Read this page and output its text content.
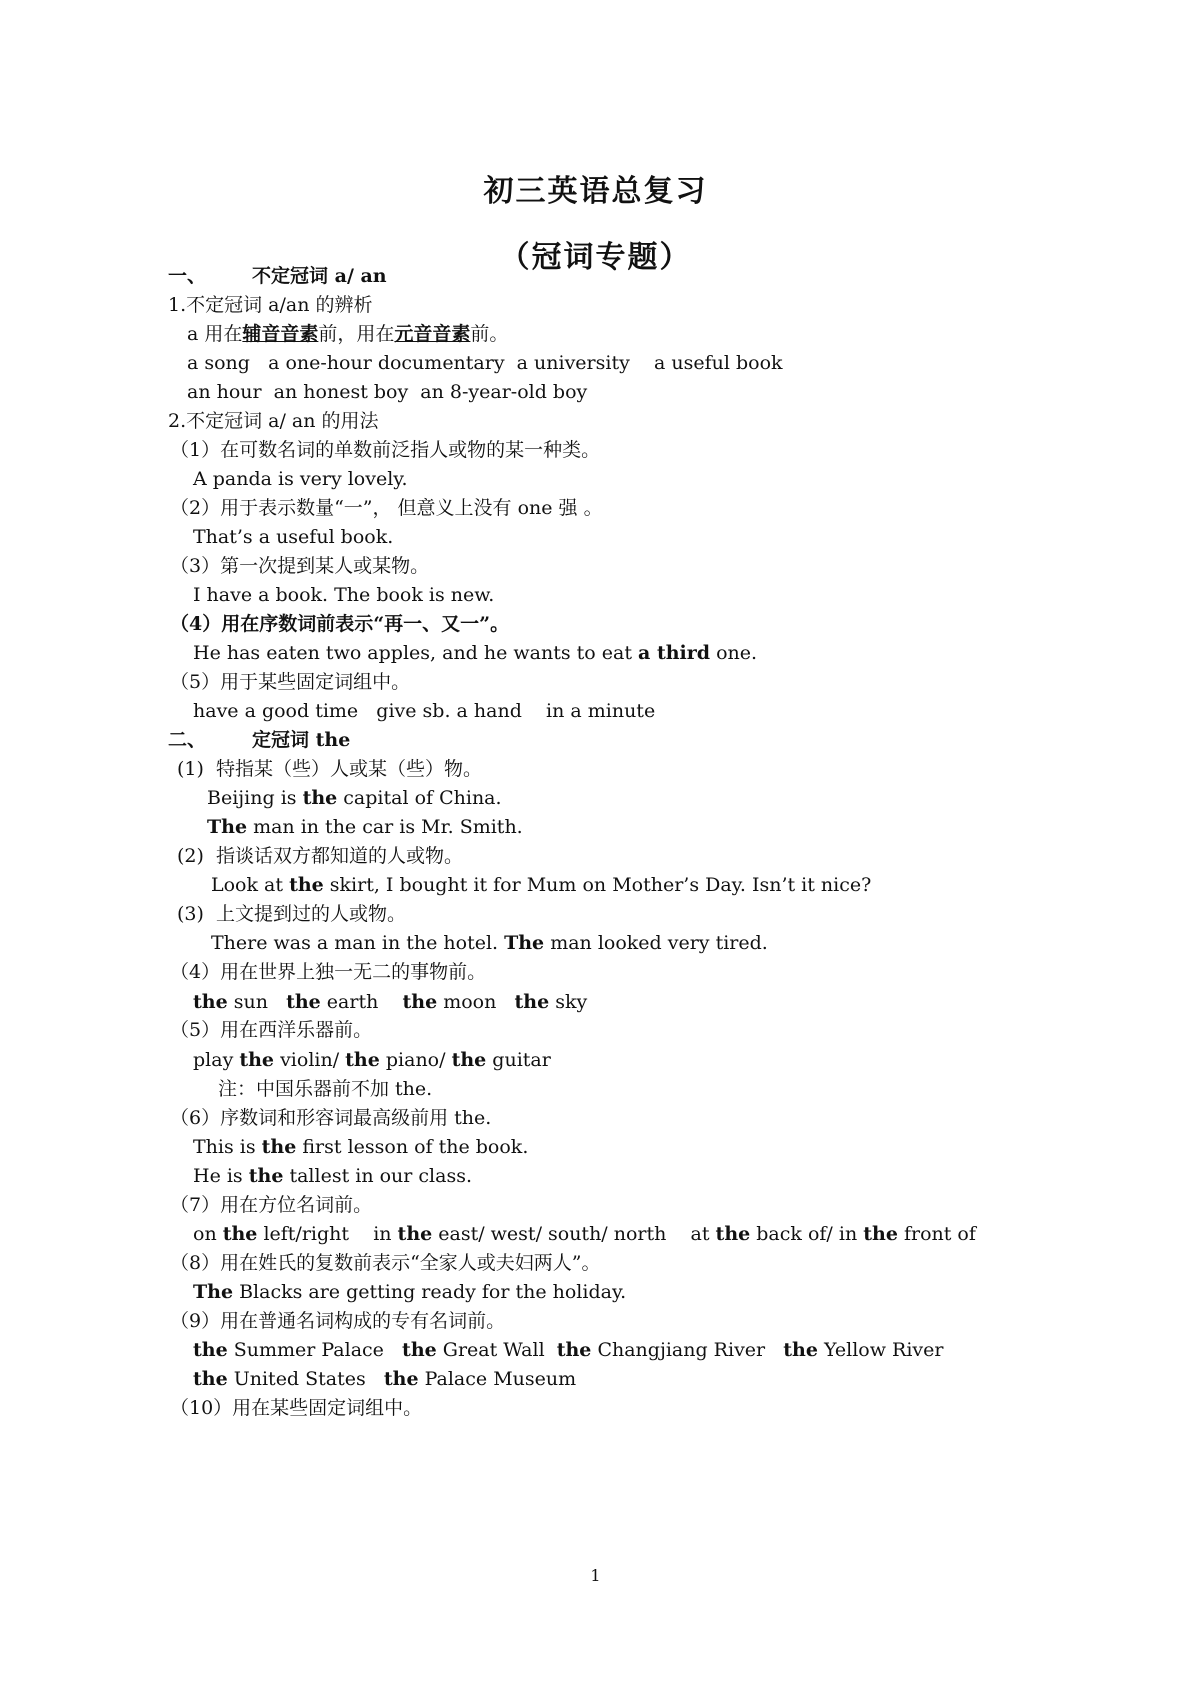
初三英语总复习
（冠词专题）
一、 不定冠词 a/ an
1.不定冠词 a/an 的辨析
a 用在辅音音素前，用在元音音素前。
a song   a one-hour documentary  a university    a useful book
an hour  an honest boy  an 8-year-old boy
2.不定冠词 a/ an 的用法
（1）在可数名词的单数前泛指人或物的某一种类。
A panda is very lovely.
（2）用于表示数量“一”， 但意义上没有 one 强 。
That’s a useful book.
（3）第一次提到某人或某物。
I have a book. The book is new.
（4）用在序数词前表示“再一、又一”。
He has eaten two apples, and he wants to eat a third one.
（5）用于某些固定词组中。
have a good time   give sb. a hand    in a minute
二、 定冠词 the
(1)  特指某（些）人或某（些）物。
Beijing is the capital of China.
The man in the car is Mr. Smith.
(2)  指谈话双方都知道的人或物。
Look at the skirt, I bought it for Mum on Mother’s Day. Isn’t it nice?
(3)  上文提到过的人或物。
There was a man in the hotel. The man looked very tired.
（4）用在世界上独一无二的事物前。
the sun   the earth    the moon   the sky
（5）用在西洋乐器前。
play the violin/ the piano/ the guitar
注：中国乐器前不加 the.
（6）序数词和形容词最高级前用 the.
This is the first lesson of the book.
He is the tallest in our class.
（7）用在方位名词前。
on the left/right    in the east/ west/ south/ north    at the back of/ in the front of
（8）用在姓氏的复数前表示“全家人或夫妇两人”。
The Blacks are getting ready for the holiday.
（9）用在普通名词构成的专有名词前。
the Summer Palace   the Great Wall  the Changjiang River   the Yellow River
the United States   the Palace Museum
（10）用在某些固定词组中。
1
